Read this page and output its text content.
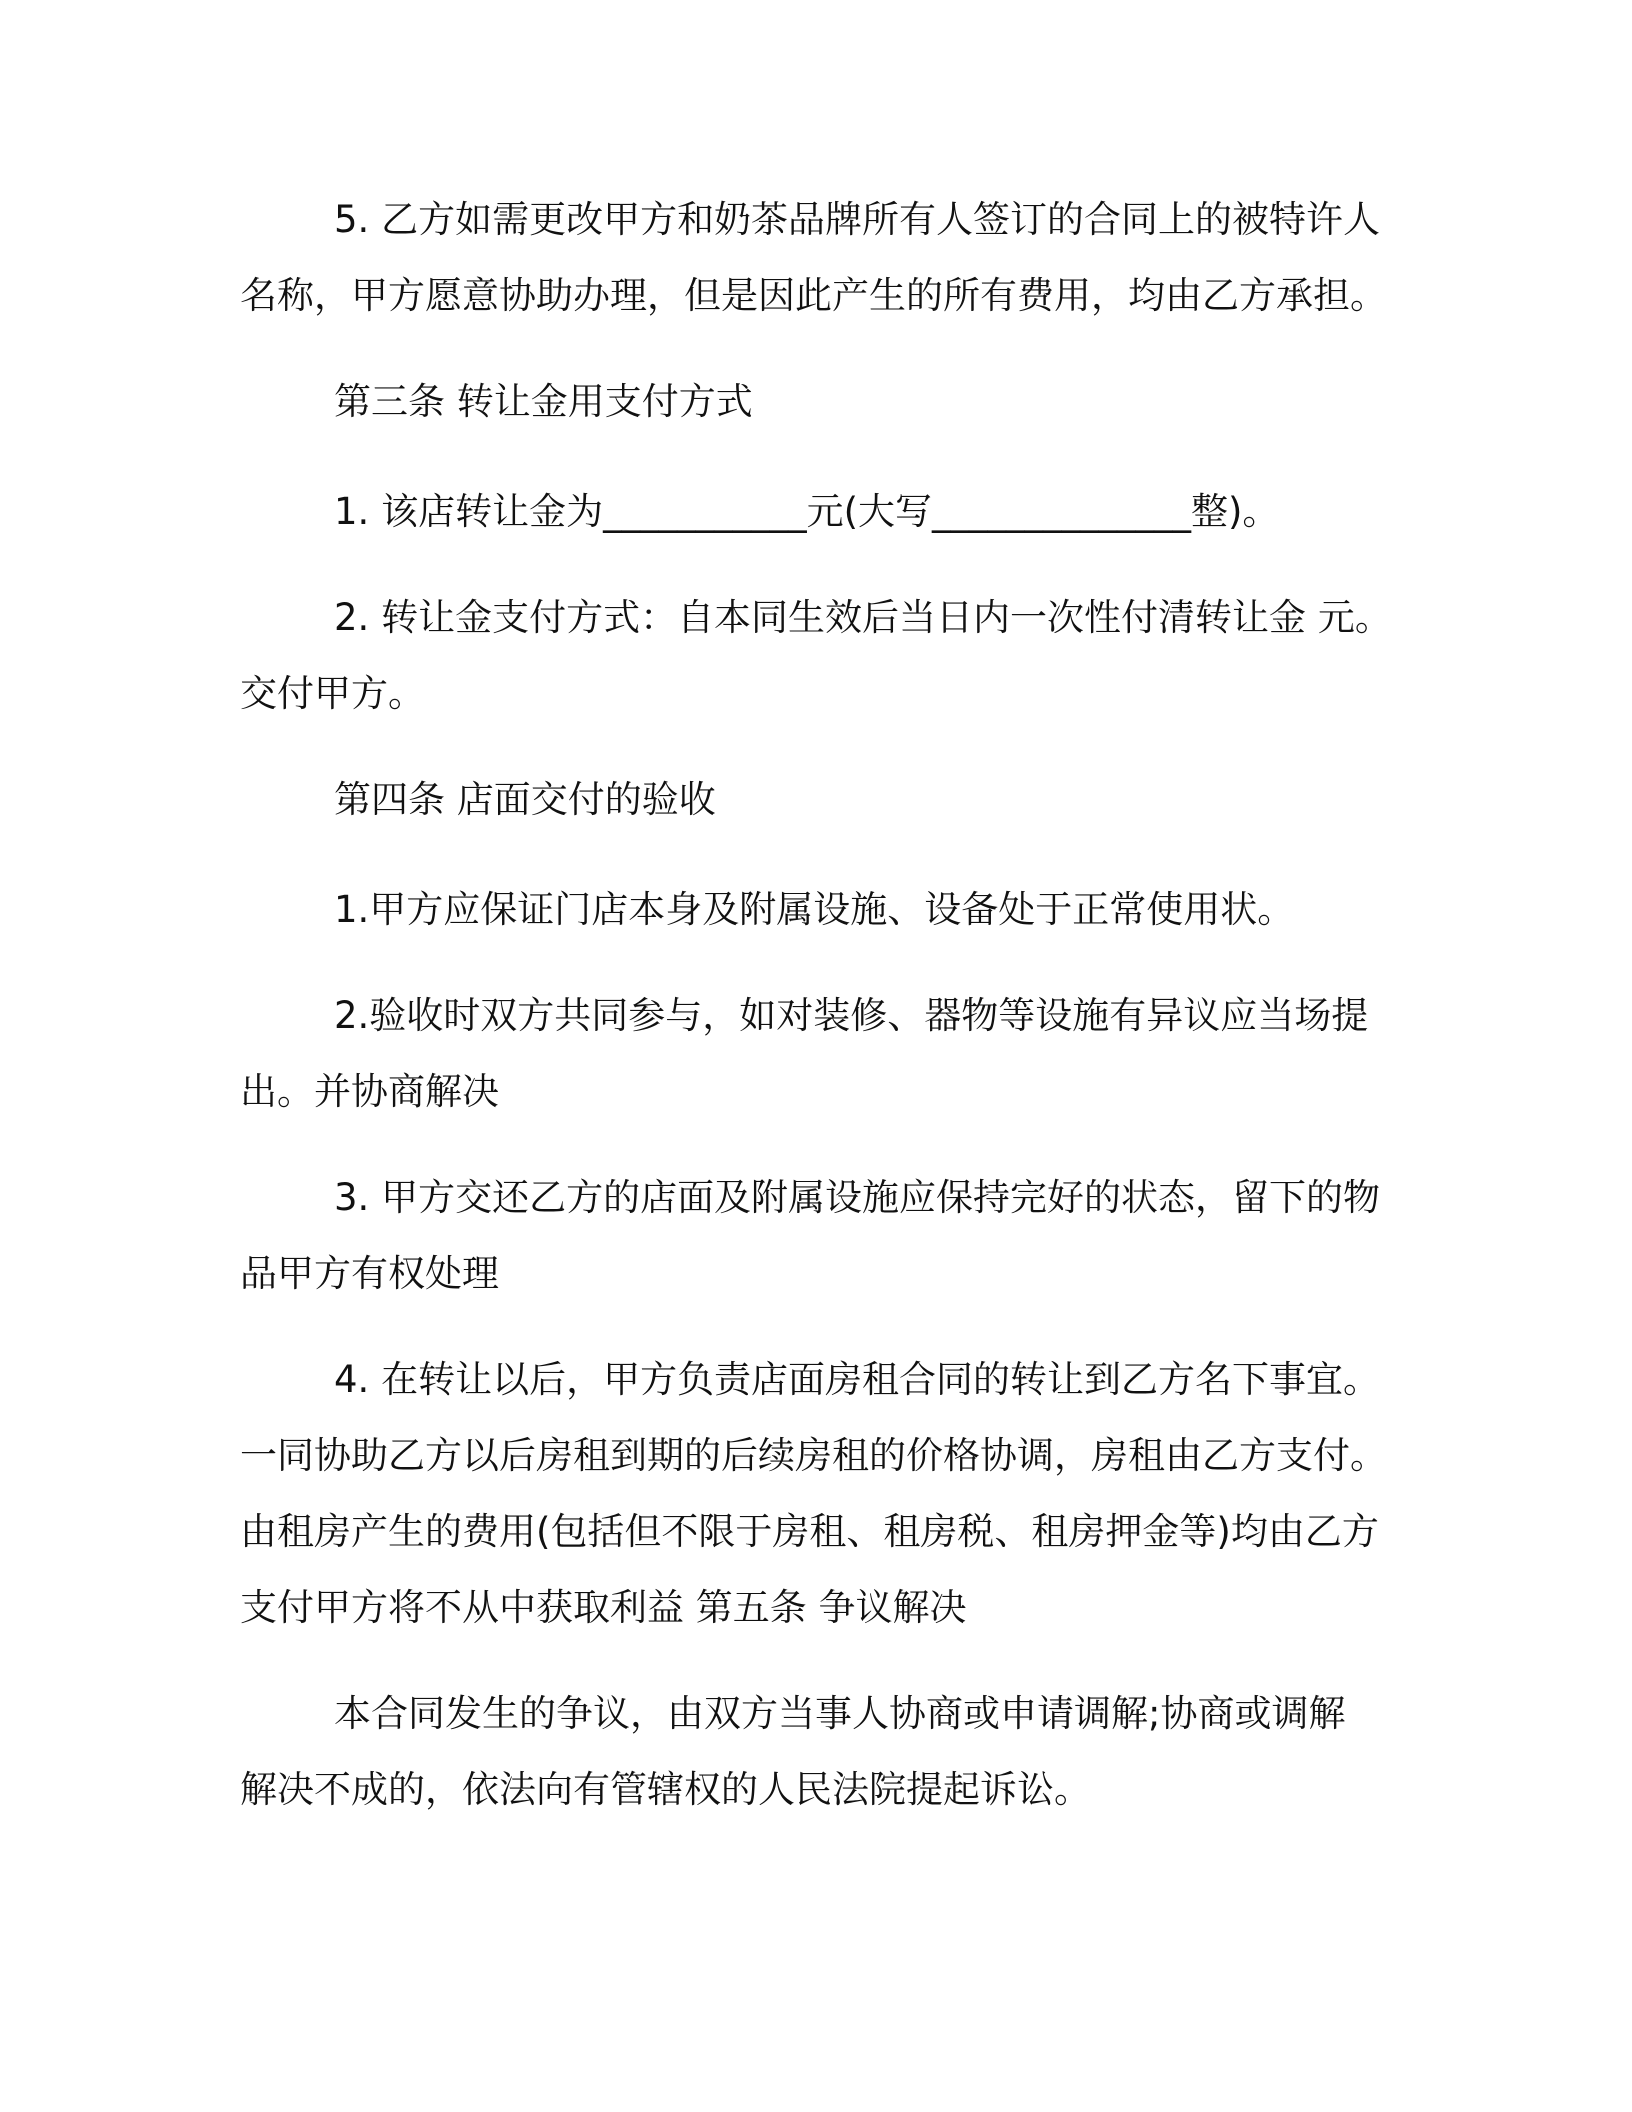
5. 乙方如需更改甲方和奶茶品牌所有人签订的合同上的被特许人
名称，甲方愿意协助办理，但是因此产生的所有费用，均由乙方承担。

第三条 转让金用支付方式

1. 该店转让金为___________元(大写______________整)。

2. 转让金支付方式：自本同生效后当日内一次性付清转让金 元。
交付甲方。

第四条 店面交付的验收

1.甲方应保证门店本身及附属设施、设备处于正常使用状。

2.验收时双方共同参与，如对装修、器物等设施有异议应当场提
出。并协商解决

3. 甲方交还乙方的店面及附属设施应保持完好的状态，留下的物
品甲方有权处理

4. 在转让以后，甲方负责店面房租合同的转让到乙方名下事宜。
一同协助乙方以后房租到期的后续房租的价格协调，房租由乙方支付。
由租房产生的费用(包括但不限于房租、租房税、租房押金等)均由乙方
支付甲方将不从中获取利益 第五条 争议解决

本合同发生的争议，由双方当事人协商或申请调解;协商或调解
解决不成的，依法向有管辖权的人民法院提起诉讼。
